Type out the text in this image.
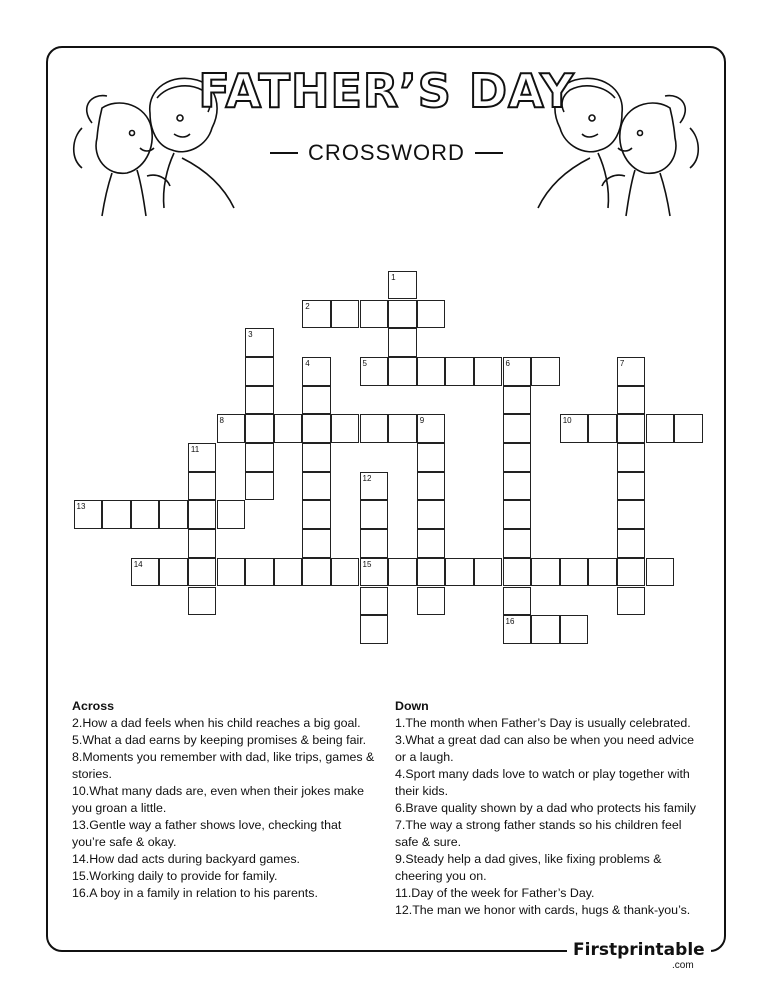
FATHER’S DAY
CROSSWORD
1
2
3
4	5	6	7
8	9	10
11
12
13
14	15
16
Across

2.How a dad feels when his child reaches a big goal.

5.What a dad earns by keeping promises & being fair.

8.Moments you remember with dad, like trips, games & stories.

10.What many dads are, even when their jokes make you groan a little.

13.Gentle way a father shows love, checking that you’re safe & okay.

14.How dad acts during backyard games.

15.Working daily to provide for family.

16.A boy in a family in relation to his parents.

Down

1.The month when Father’s Day is usually celebrated.

3.What a great dad can also be when you need advice or a laugh.

4.Sport many dads love to watch or play together with their kids.

6.Brave quality shown by a dad who protects his family

7.The way a strong father stands so his children feel safe & sure.

9.Steady help a dad gives, like fixing problems & cheering you on.

11.Day of the week for Father’s Day.

12.The man we honor with cards, hugs & thank-you’s.

Firstprintable
.com
